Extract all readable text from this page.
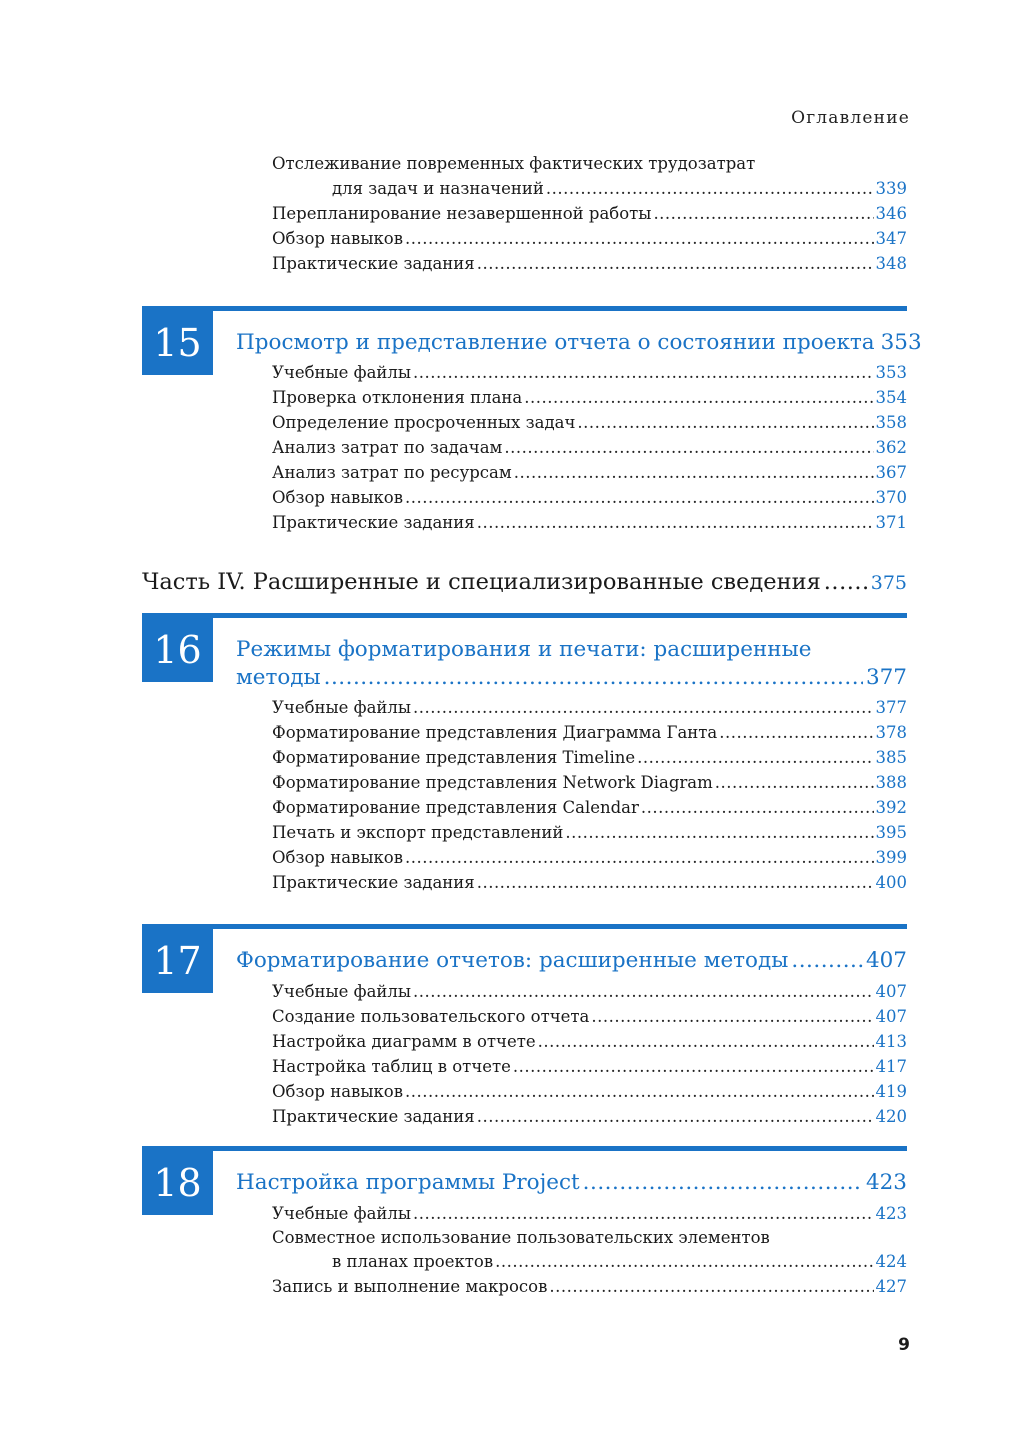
Оглавление
Отслеживание повременных фактических трудозатрат
для задач и назначений .....	339
Перепланирование незавершенной работы .....	346
Обзор навыков .....	347
Практические задания .....	348
15	Просмотр и представление отчета о состоянии проекта 353
Учебные файлы .....	353
Проверка отклонения плана .....	354
Определение просроченных задач .....	358
Анализ затрат по задачам .....	362
Анализ затрат по ресурсам .....	367
Обзор навыков .....	370
Практические задания .....	371
Часть IV. Расширенные и специализированные сведения .....	375
16	Режимы форматирования и печати: расширенные
методы .....	377
Учебные файлы .....	377
Форматирование представления Диаграмма Ганта .....	378
Форматирование представления Timeline .....	385
Форматирование представления Network Diagram .....	388
Форматирование представления Calendar .....	392
Печать и экспорт представлений .....	395
Обзор навыков .....	399
Практические задания .....	400
17	Форматирование отчетов: расширенные методы .....	407
Учебные файлы .....	407
Создание пользовательского отчета .....	407
Настройка диаграмм в отчете .....	413
Настройка таблиц в отчете .....	417
Обзор навыков .....	419
Практические задания .....	420
18	Настройка программы Project .....	423
Учебные файлы .....	423
Совместное использование пользовательских элементов
в планах проектов .....	424
Запись и выполнение макросов .....	427
9
